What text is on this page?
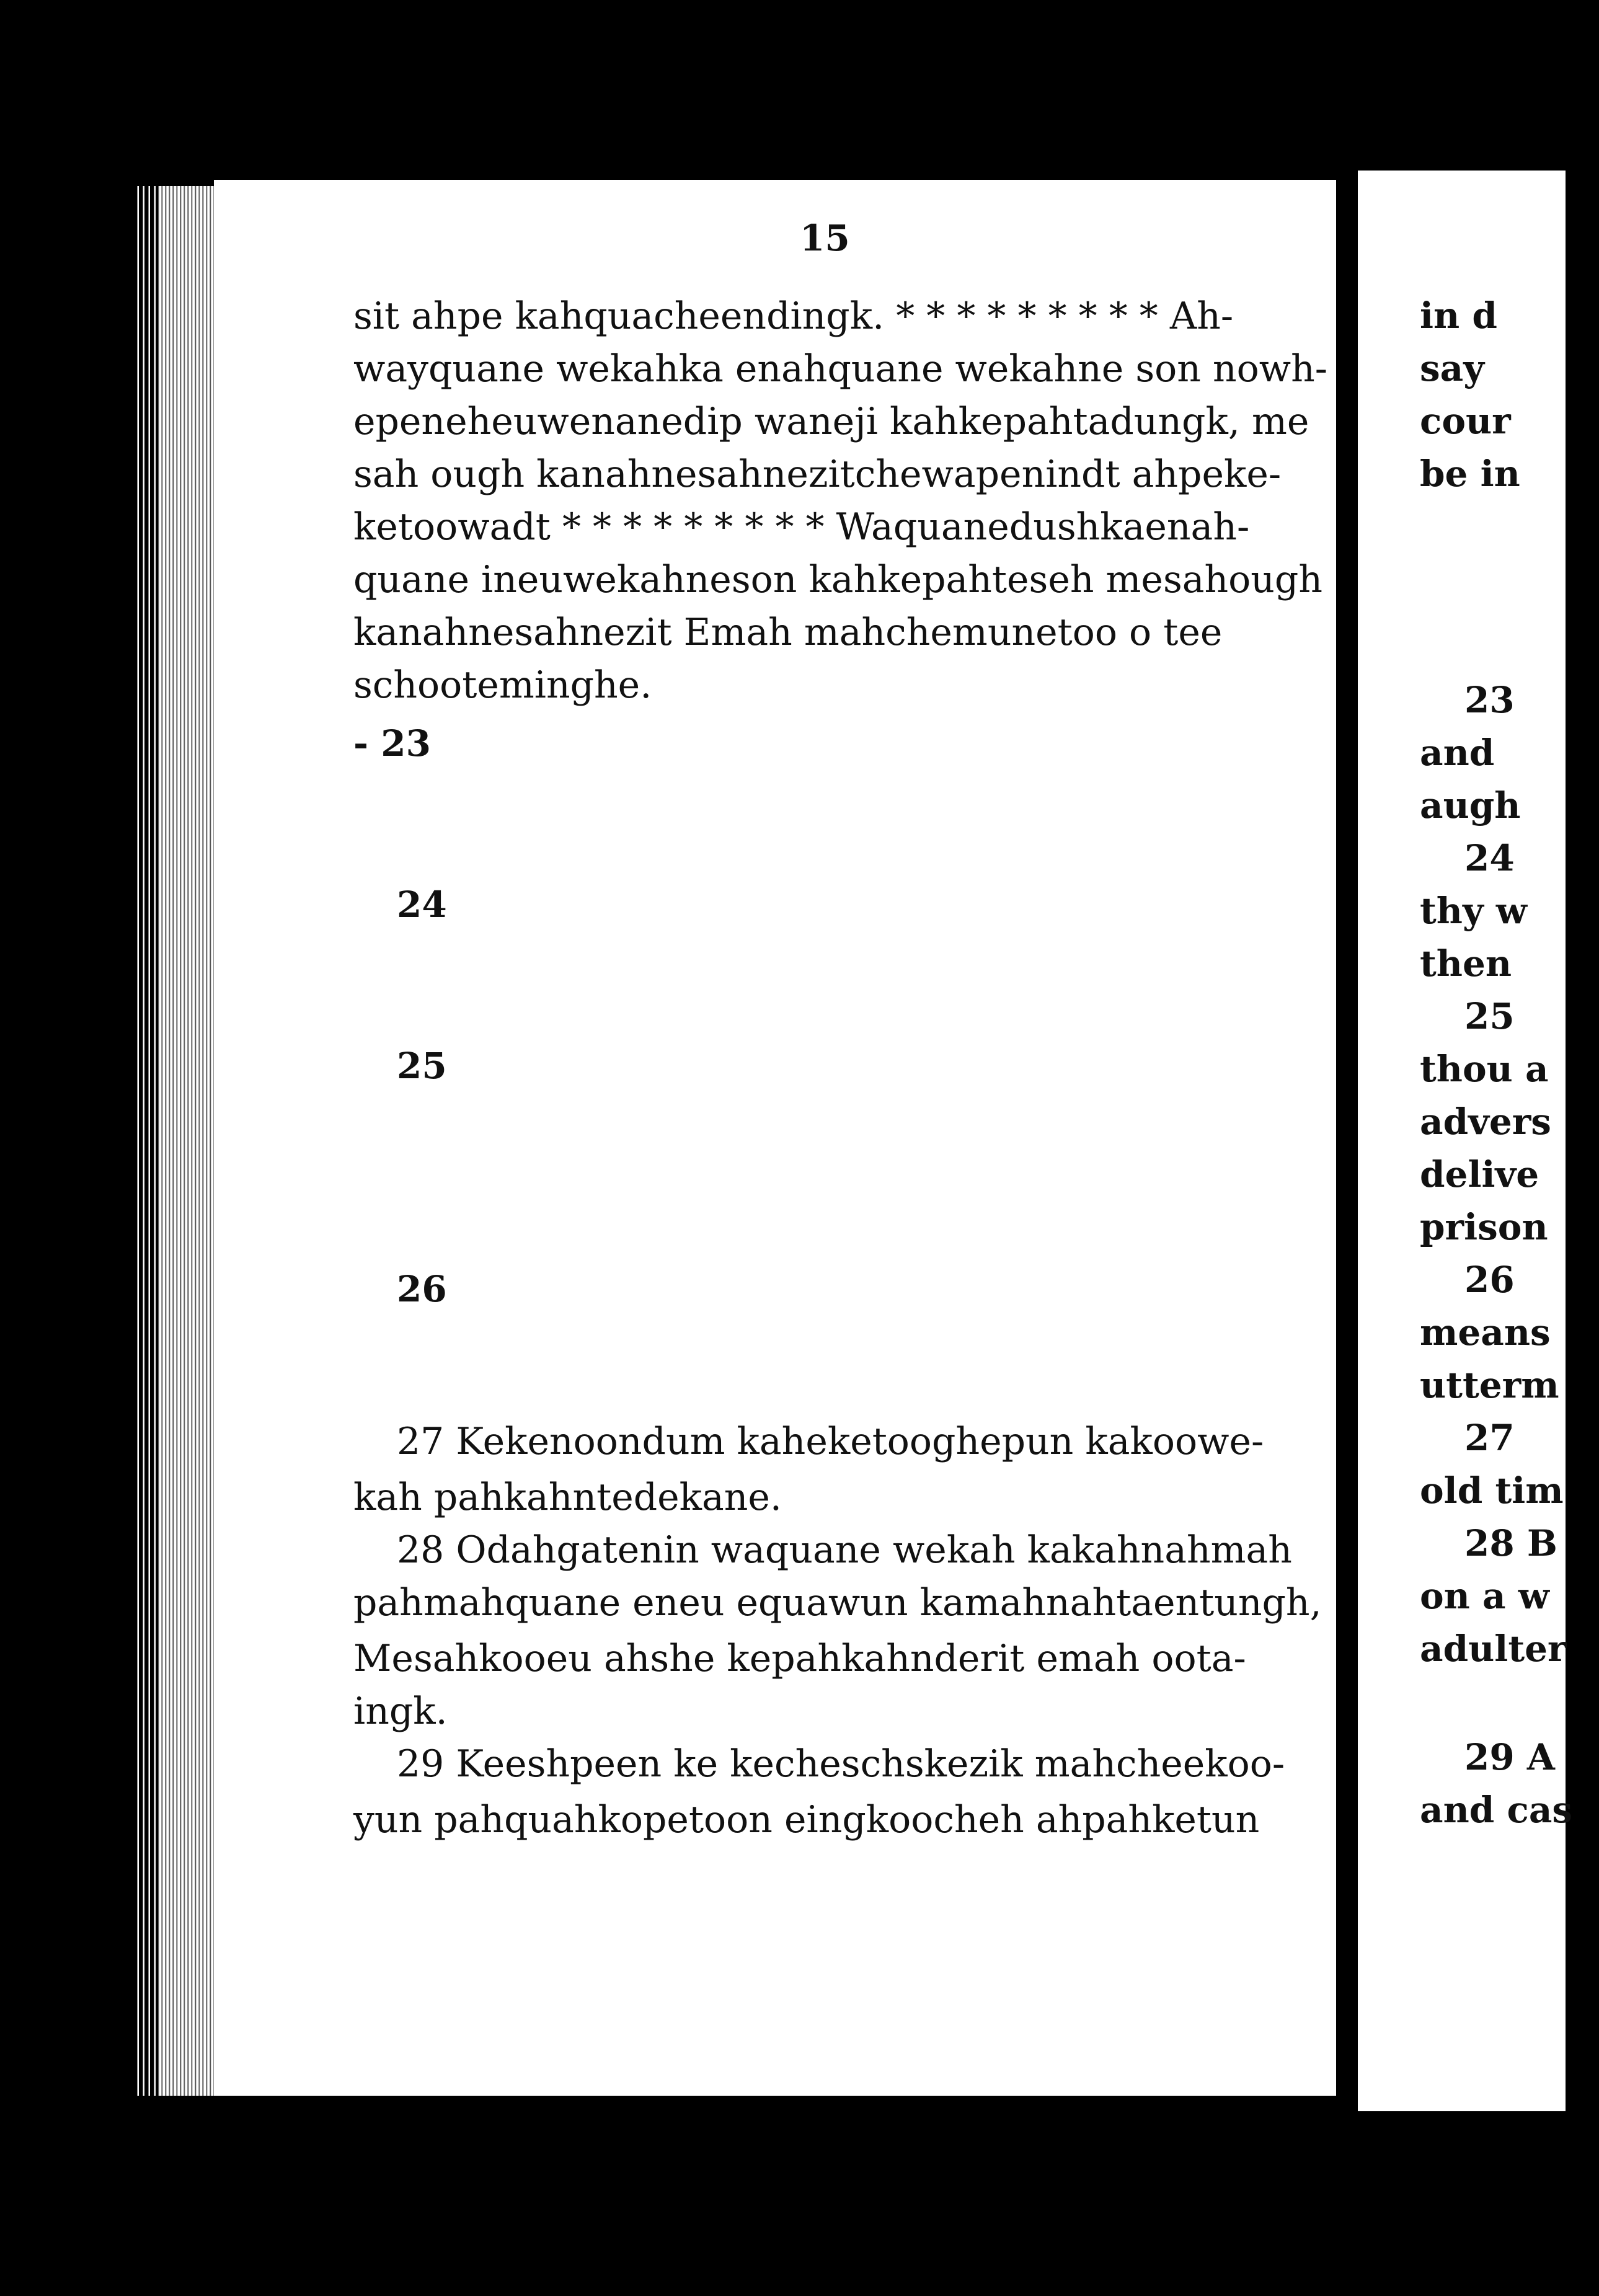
15
sit ahpe kahquacheendingk. * * * * * * * * * Ah-
wayquane wekahka enahquane wekahne son nowh-
epeneheuwenanedip waneji kahkepahtadungk, me
sah ough kanahnesahnezitchewapenindt ahpeke-
ketoowadt * * * * * * * * * Waquanedushkaenah-
quane ineuwekahneson kahkepahteseh mesahough
kanahnesahnezit Emah mahchemunetoo o tee
schooteminghe.
- 23
24
25
26
27 Kekenoondum kaheketooghepun kakoowe-
kah pahkahntedekane.
28 Odahgatenin waquane wekah kakahnahmah
pahmahquane eneu equawun kamahnahtaentungh,
Mesahkooeu ahshe kepahkahnderit emah oota-
ingk.
29 Keeshpeen ke kecheschskezik mahcheekoo-
yun pahquahkopetoon eingkoocheh ahpahketun
in d
say
cour
be in
23
and
augh
24
thy w
then
25
thou a
advers
delive
prison
26
means
utterm
27
old tim
28 B
on a w
adulter
29 A
and cas
